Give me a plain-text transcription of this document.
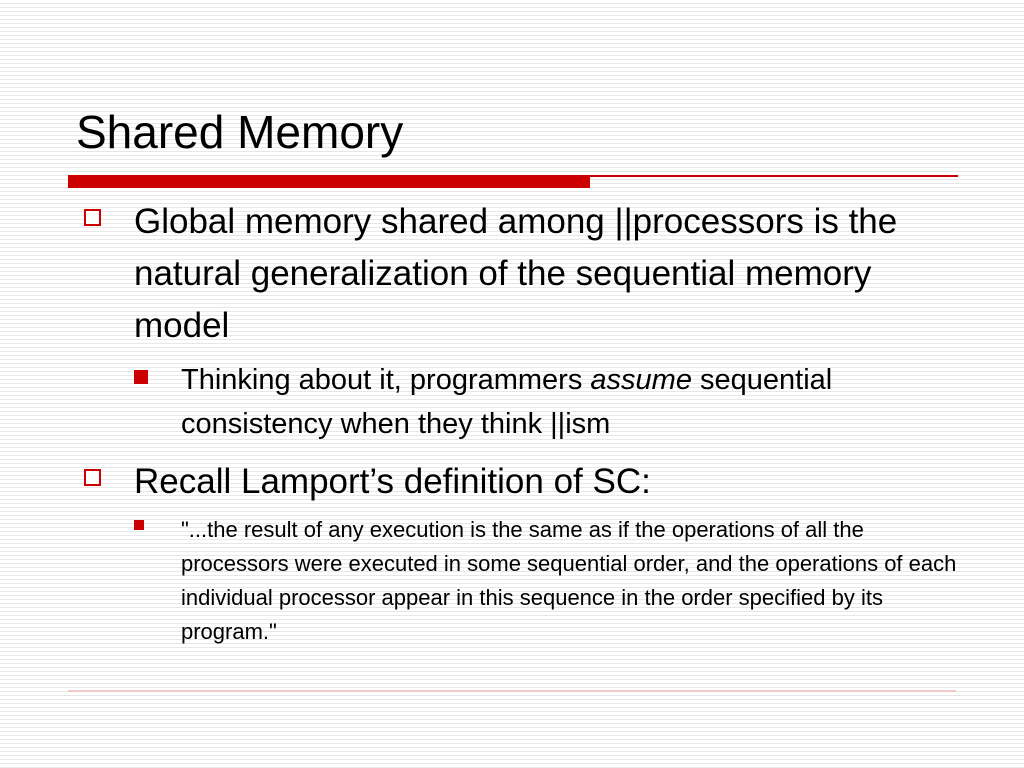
Shared Memory
Global memory shared among ||processors is the natural generalization of the sequential memory model
Thinking about it, programmers assume sequential consistency when they think ||ism
Recall Lamport’s definition of SC:
"...the result of any execution is the same as if the operations of all the processors were executed in some sequential order, and the operations of each individual processor appear in this sequence in the order specified by its program."
